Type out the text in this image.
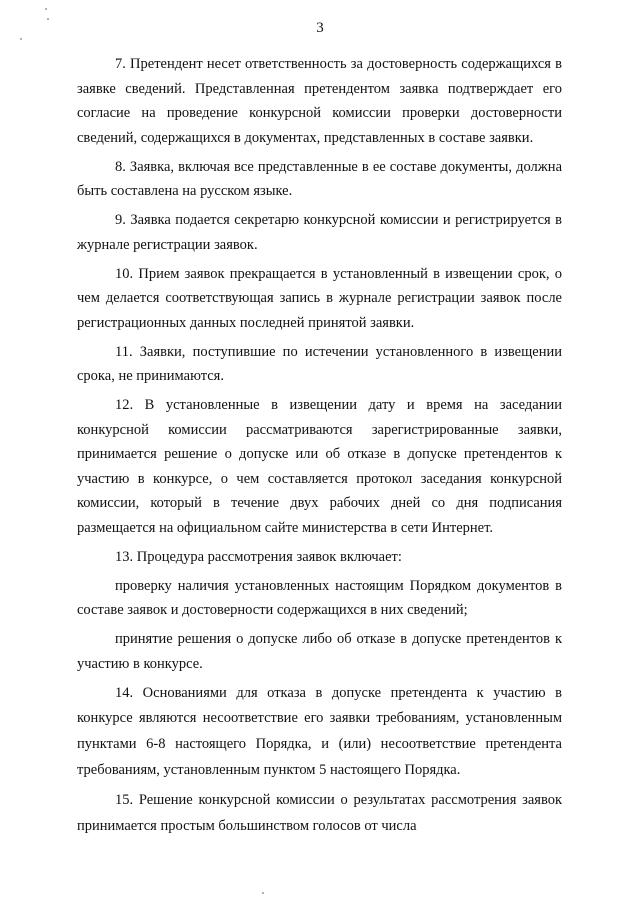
3

7. Претендент несет ответственность за достоверность содержащихся в заявке сведений. Представленная претендентом заявка подтверждает его согласие на проведение конкурсной комиссии проверки достоверности сведений, содержащихся в документах, представленных в составе заявки.

8. Заявка, включая все представленные в ее составе документы, должна быть составлена на русском языке.

9. Заявка подается секретарю конкурсной комиссии и регистрируется в журнале регистрации заявок.

10. Прием заявок прекращается в установленный в извещении срок, о чем делается соответствующая запись в журнале регистрации заявок после регистрационных данных последней принятой заявки.

11. Заявки, поступившие по истечении установленного в извещении срока, не принимаются.

12. В установленные в извещении дату и время на заседании конкурсной комиссии рассматриваются зарегистрированные заявки, принимается решение о допуске или об отказе в допуске претендентов к участию в конкурсе, о чем составляется протокол заседания конкурсной комиссии, который в течение двух рабочих дней со дня подписания размещается на официальном сайте министерства в сети Интернет.

13. Процедура рассмотрения заявок включает:

проверку наличия установленных настоящим Порядком документов в составе заявок и достоверности содержащихся в них сведений;

принятие решения о допуске либо об отказе в допуске претендентов к участию в конкурсе.

14. Основаниями для отказа в допуске претендента к участию в конкурсе являются несоответствие его заявки требованиям, установленным пунктами 6-8 настоящего Порядка, и (или) несоответствие претендента требованиям, установленным пунктом 5 настоящего Порядка.

15. Решение конкурсной комиссии о результатах рассмотрения заявок принимается простым большинством голосов от числа
